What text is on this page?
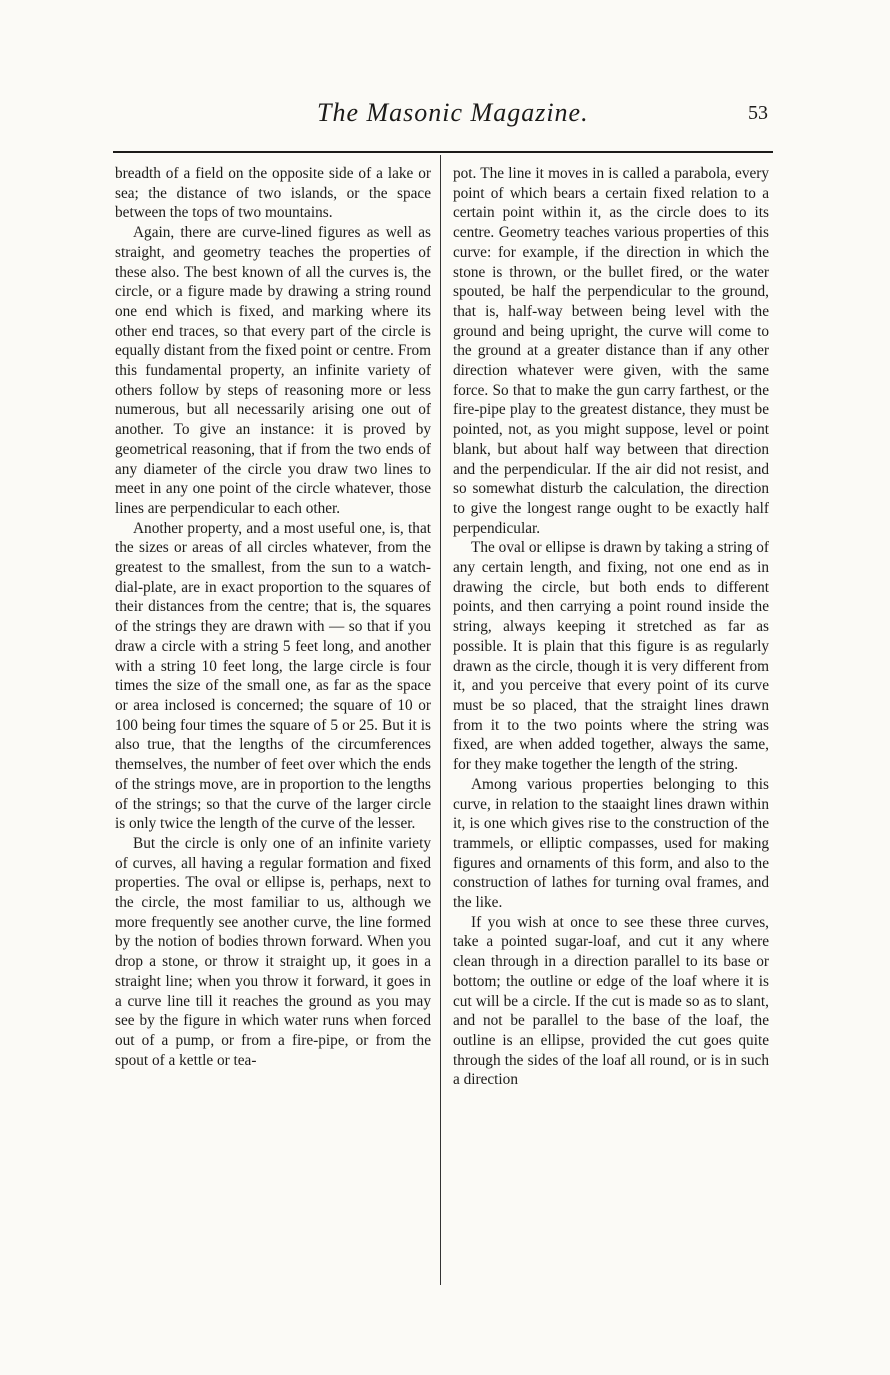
The Masonic Magazine.	53

breadth of a field on the opposite side of a lake or sea; the distance of two islands, or the space between the tops of two mountains.

Again, there are curve-lined figures as well as straight, and geometry teaches the properties of these also. The best known of all the curves is, the circle, or a figure made by drawing a string round one end which is fixed, and marking where its other end traces, so that every part of the circle is equally distant from the fixed point or centre. From this fundamental property, an infinite variety of others follow by steps of reasoning more or less numerous, but all necessarily arising one out of another. To give an instance: it is proved by geometrical reasoning, that if from the two ends of any diameter of the circle you draw two lines to meet in any one point of the circle whatever, those lines are perpendicular to each other.

Another property, and a most useful one, is, that the sizes or areas of all circles whatever, from the greatest to the smallest, from the sun to a watch-dial-plate, are in exact proportion to the squares of their distances from the centre; that is, the squares of the strings they are drawn with — so that if you draw a circle with a string 5 feet long, and another with a string 10 feet long, the large circle is four times the size of the small one, as far as the space or area inclosed is concerned; the square of 10 or 100 being four times the square of 5 or 25. But it is also true, that the lengths of the circumferences themselves, the number of feet over which the ends of the strings move, are in proportion to the lengths of the strings; so that the curve of the larger circle is only twice the length of the curve of the lesser.

But the circle is only one of an infinite variety of curves, all having a regular formation and fixed properties. The oval or ellipse is, perhaps, next to the circle, the most familiar to us, although we more frequently see another curve, the line formed by the notion of bodies thrown forward. When you drop a stone, or throw it straight up, it goes in a straight line; when you throw it forward, it goes in a curve line till it reaches the ground as you may see by the figure in which water runs when forced out of a pump, or from a fire-pipe, or from the spout of a kettle or tea-

pot. The line it moves in is called a parabola, every point of which bears a certain fixed relation to a certain point within it, as the circle does to its centre. Geometry teaches various properties of this curve: for example, if the direction in which the stone is thrown, or the bullet fired, or the water spouted, be half the perpendicular to the ground, that is, half-way between being level with the ground and being upright, the curve will come to the ground at a greater distance than if any other direction whatever were given, with the same force. So that to make the gun carry farthest, or the fire-pipe play to the greatest distance, they must be pointed, not, as you might suppose, level or point blank, but about half way between that direction and the perpendicular. If the air did not resist, and so somewhat disturb the calculation, the direction to give the longest range ought to be exactly half perpendicular.

The oval or ellipse is drawn by taking a string of any certain length, and fixing, not one end as in drawing the circle, but both ends to different points, and then carrying a point round inside the string, always keeping it stretched as far as possible. It is plain that this figure is as regularly drawn as the circle, though it is very different from it, and you perceive that every point of its curve must be so placed, that the straight lines drawn from it to the two points where the string was fixed, are when added together, always the same, for they make together the length of the string.

Among various properties belonging to this curve, in relation to the staaight lines drawn within it, is one which gives rise to the construction of the trammels, or elliptic compasses, used for making figures and ornaments of this form, and also to the construction of lathes for turning oval frames, and the like.

If you wish at once to see these three curves, take a pointed sugar-loaf, and cut it any where clean through in a direction parallel to its base or bottom; the outline or edge of the loaf where it is cut will be a circle. If the cut is made so as to slant, and not be parallel to the base of the loaf, the outline is an ellipse, provided the cut goes quite through the sides of the loaf all round, or is in such a direction
